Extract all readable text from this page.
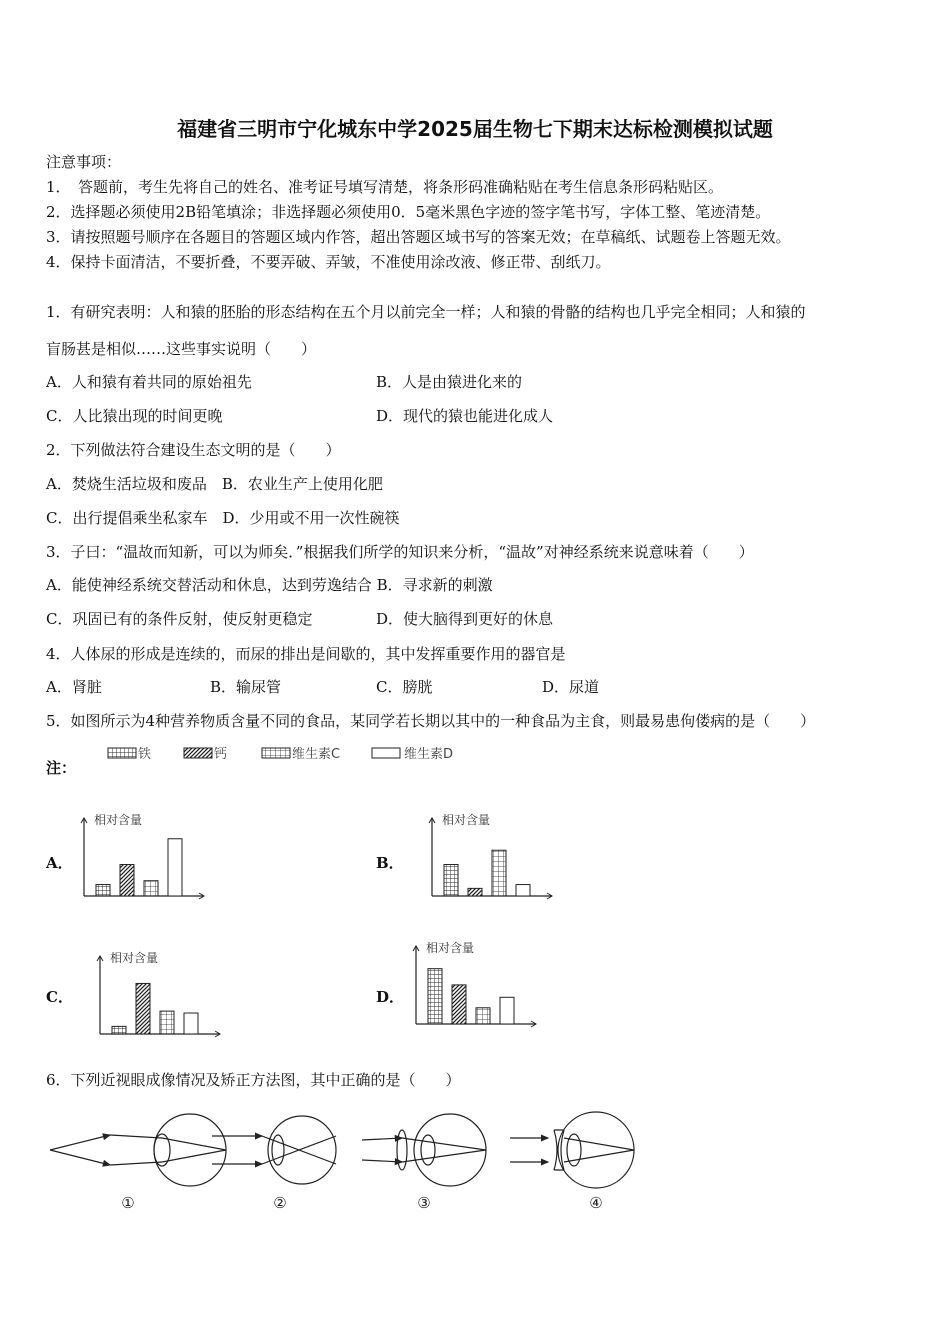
福建省三明市宁化城东中学2025届生物七下期末达标检测模拟试题
注意事项：
1．　答题前，考生先将自己的姓名、准考证号填写清楚，将条形码准确粘贴在考生信息条形码粘贴区。
2．选择题必须使用2B铅笔填涂；非选择题必须使用0．5毫米黑色字迹的签字笔书写，字体工整、笔迹清楚。
3．请按照题号顺序在各题目的答题区域内作答，超出答题区域书写的答案无效；在草稿纸、试题卷上答题无效。
4．保持卡面清洁，不要折叠，不要弄破、弄皱，不准使用涂改液、修正带、刮纸刀。
1．有研究表明：人和猿的胚胎的形态结构在五个月以前完全一样；人和猿的骨骼的结构也几乎完全相同；人和猿的
盲肠甚是相似……这些事实说明（　　）
A．人和猿有着共同的原始祖先	B．人是由猿进化来的
C．人比猿出现的时间更晚	D．现代的猿也能进化成人
2．下列做法符合建设生态文明的是（　　）
A．焚烧生活垃圾和废品　B．农业生产上使用化肥
C．出行提倡乘坐私家车　D．少用或不用一次性碗筷
3．子曰：“温故而知新，可以为师矣．”根据我们所学的知识来分析，“温故”对神经系统来说意味着（　　）
A．能使神经系统交替活动和休息，达到劳逸结合 B．寻求新的刺激
C．巩固已有的条件反射，使反射更稳定	D．使大脑得到更好的休息
4．人体尿的形成是连续的，而尿的排出是间歇的，其中发挥重要作用的器官是
A．肾脏	B．输尿管	C．膀胱	D．尿道
5．如图所示为4种营养物质含量不同的食品，某同学若长期以其中的一种食品为主食，则最易患佝偻病的是（　　）
注：
铁	钙	维生素C	维生素D
A．	B．
C．	D．
相对含量	相对含量
相对含量
相对含量
6．下列近视眼成像情况及矫正方法图，其中正确的是（　　）
①	②	③	④
